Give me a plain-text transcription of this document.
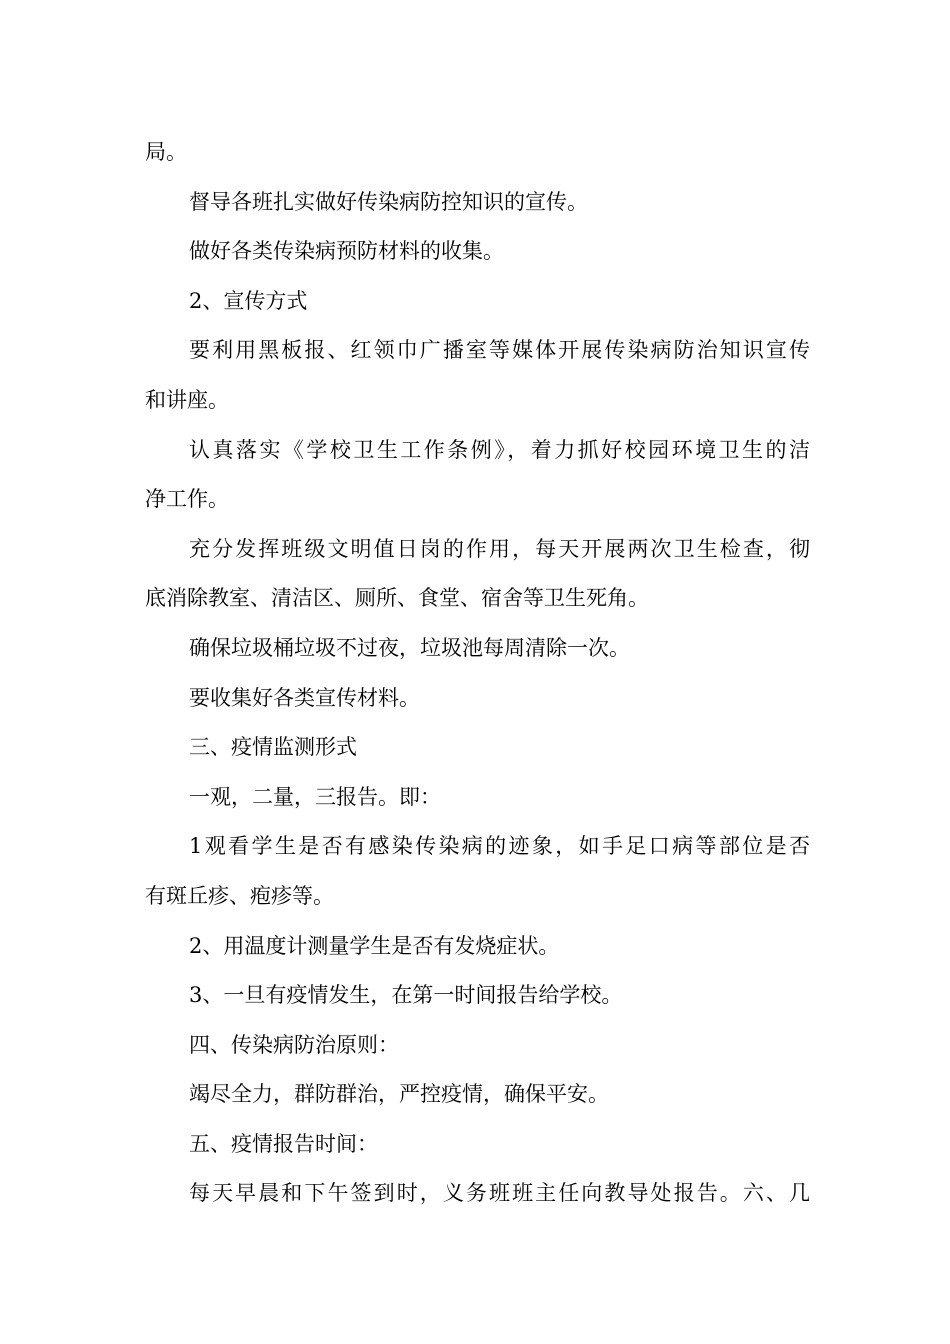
局。
督导各班扎实做好传染病防控知识的宣传。
做好各类传染病预防材料的收集。
2、宣传方式
要利用黑板报、红领巾广播室等媒体开展传染病防治知识宣传
和讲座。
认真落实《学校卫生工作条例》，着力抓好校园环境卫生的洁
净工作。
充分发挥班级文明值日岗的作用，每天开展两次卫生检查，彻
底消除教室、清洁区、厕所、食堂、宿舍等卫生死角。
确保垃圾桶垃圾不过夜，垃圾池每周清除一次。
要收集好各类宣传材料。
三、疫情监测形式
一观，二量，三报告。即：
1观看学生是否有感染传染病的迹象，如手足口病等部位是否
有斑丘疹、疱疹等。
2、用温度计测量学生是否有发烧症状。
3、一旦有疫情发生，在第一时间报告给学校。
四、传染病防治原则：
竭尽全力，群防群治，严控疫情，确保平安。
五、疫情报告时间：
每天早晨和下午签到时，义务班班主任向教导处报告。六、几
